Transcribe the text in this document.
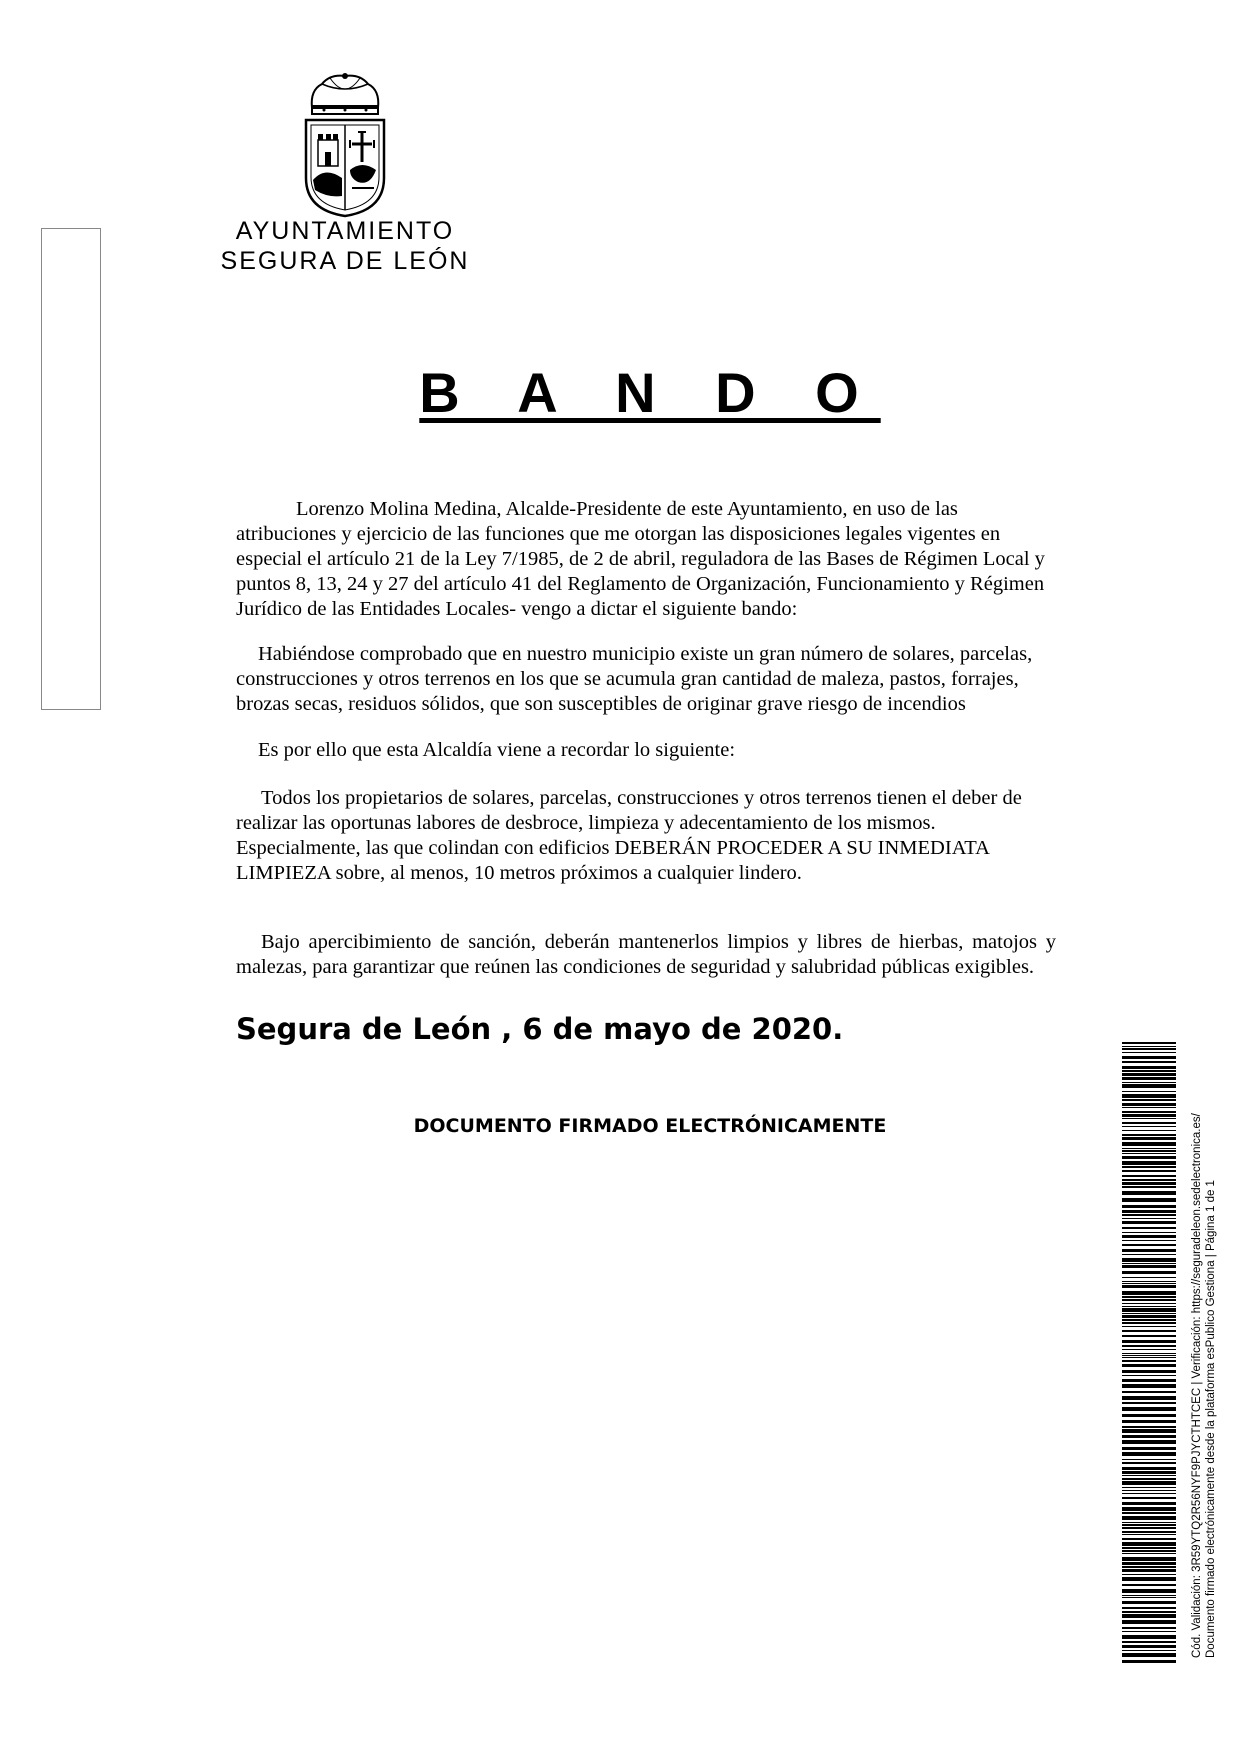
AYUNTAMIENTO
SEGURA DE LEÓN
B A N D O
Lorenzo Molina Medina, Alcalde-Presidente de este Ayuntamiento, en uso de las atribuciones y ejercicio de las funciones que me otorgan las disposiciones legales vigentes en especial el artículo 21 de la Ley 7/1985, de 2 de abril, reguladora de las Bases de Régimen Local y puntos 8, 13, 24 y 27 del artículo 41 del Reglamento de Organización, Funcionamiento y Régimen Jurídico de las Entidades Locales- vengo a dictar el siguiente bando:
Habiéndose comprobado que en nuestro municipio existe un gran número de solares, parcelas, construcciones y otros terrenos en los que se acumula gran cantidad de maleza, pastos, forrajes, brozas secas, residuos sólidos, que son susceptibles de originar grave riesgo de incendios
Es por ello que esta Alcaldía viene a recordar lo siguiente:
Todos los propietarios de solares, parcelas, construcciones y otros terrenos tienen el deber de realizar las oportunas labores de desbroce, limpieza y adecentamiento de los mismos. Especialmente, las que colindan con edificios DEBERÁN PROCEDER A SU INMEDIATA LIMPIEZA sobre, al menos, 10 metros próximos a cualquier lindero.
Bajo apercibimiento de sanción, deberán mantenerlos limpios y libres de hierbas, matojos y malezas, para garantizar que reúnen las condiciones de seguridad y salubridad públicas exigibles.
Segura de León , 6 de mayo de 2020.
DOCUMENTO FIRMADO ELECTRÓNICAMENTE	Cód. Validación: 3R59YTQ2R56NYF9PJYCTHTCEC | Verificación: https://seguradeleon.sedelectronica.es/ Documento firmado electrónicamente desde la plataforma esPublico Gestiona | Página 1 de 1
